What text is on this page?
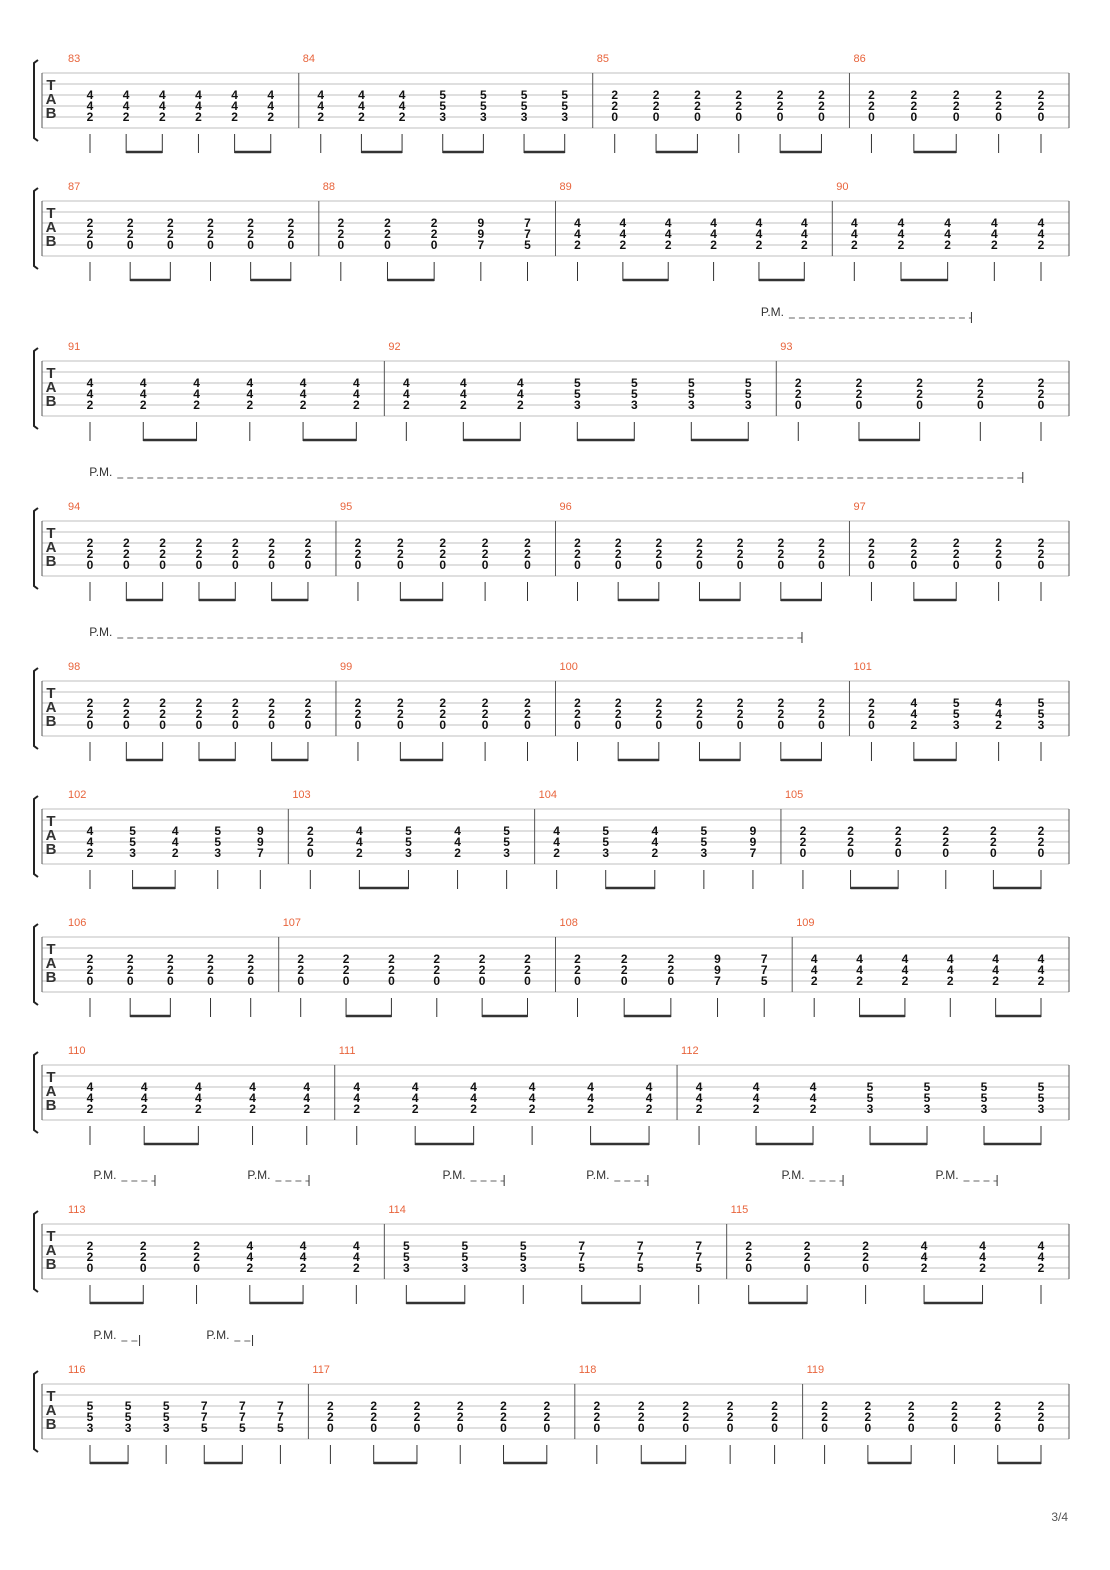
T
A
B
83
4
4
2
4
4
2
4
4
2
4
4
2
4
4
2
4
4
2
84
4
4
2
4
4
2
4
4
2
5
5
3
5
5
3
5
5
3
5
5
3
85
2
2
0
2
2
0
2
2
0
2
2
0
2
2
0
2
2
0
86
2
2
0
2
2
0
2
2
0
2
2
0
2
2
0
T
A
B
87
2
2
0
2
2
0
2
2
0
2
2
0
2
2
0
2
2
0
88
2
2
0
2
2
0
2
2
0
9
9
7
7
7
5
89
4
4
2
4
4
2
4
4
2
4
4
2
4
4
2
4
4
2
90
4
4
2
4
4
2
4
4
2
4
4
2
4
4
2
T
A
B
91
4
4
2
4
4
2
4
4
2
4
4
2
4
4
2
4
4
2
92
4
4
2
4
4
2
4
4
2
5
5
3
5
5
3
5
5
3
5
5
3
93
2
2
0
2
2
0
2
2
0
2
2
0
2
2
0
P.M.
T
A
B
94
2
2
0
2
2
0
2
2
0
2
2
0
2
2
0
2
2
0
2
2
0
95
2
2
0
2
2
0
2
2
0
2
2
0
2
2
0
96
2
2
0
2
2
0
2
2
0
2
2
0
2
2
0
2
2
0
2
2
0
97
2
2
0
2
2
0
2
2
0
2
2
0
2
2
0
P.M.
T
A
B
98
2
2
0
2
2
0
2
2
0
2
2
0
2
2
0
2
2
0
2
2
0
99
2
2
0
2
2
0
2
2
0
2
2
0
2
2
0
100
2
2
0
2
2
0
2
2
0
2
2
0
2
2
0
2
2
0
2
2
0
101
2
2
0
4
4
2
5
5
3
4
4
2
5
5
3
P.M.
T
A
B
102
4
4
2
5
5
3
4
4
2
5
5
3
9
9
7
103
2
2
0
4
4
2
5
5
3
4
4
2
5
5
3
104
4
4
2
5
5
3
4
4
2
5
5
3
9
9
7
105
2
2
0
2
2
0
2
2
0
2
2
0
2
2
0
2
2
0
T
A
B
106
2
2
0
2
2
0
2
2
0
2
2
0
2
2
0
107
2
2
0
2
2
0
2
2
0
2
2
0
2
2
0
2
2
0
108
2
2
0
2
2
0
2
2
0
9
9
7
7
7
5
109
4
4
2
4
4
2
4
4
2
4
4
2
4
4
2
4
4
2
T
A
B
110
4
4
2
4
4
2
4
4
2
4
4
2
4
4
2
111
4
4
2
4
4
2
4
4
2
4
4
2
4
4
2
4
4
2
112
4
4
2
4
4
2
4
4
2
5
5
3
5
5
3
5
5
3
5
5
3
T
A
B
113
2
2
0
2
2
0
2
2
0
4
4
2
4
4
2
4
4
2
114
5
5
3
5
5
3
5
5
3
7
7
5
7
7
5
7
7
5
115
2
2
0
2
2
0
2
2
0
4
4
2
4
4
2
4
4
2
P.M.	P.M.	P.M.	P.M.	P.M.	P.M.
T
A
B
116
5
5
3
5
5
3
5
5
3
7
7
5
7
7
5
7
7
5
117
2
2
0
2
2
0
2
2
0
2
2
0
2
2
0
2
2
0
118
2
2
0
2
2
0
2
2
0
2
2
0
2
2
0
119
2
2
0
2
2
0
2
2
0
2
2
0
2
2
0
2
2
0
P.M.	P.M.
3/4
